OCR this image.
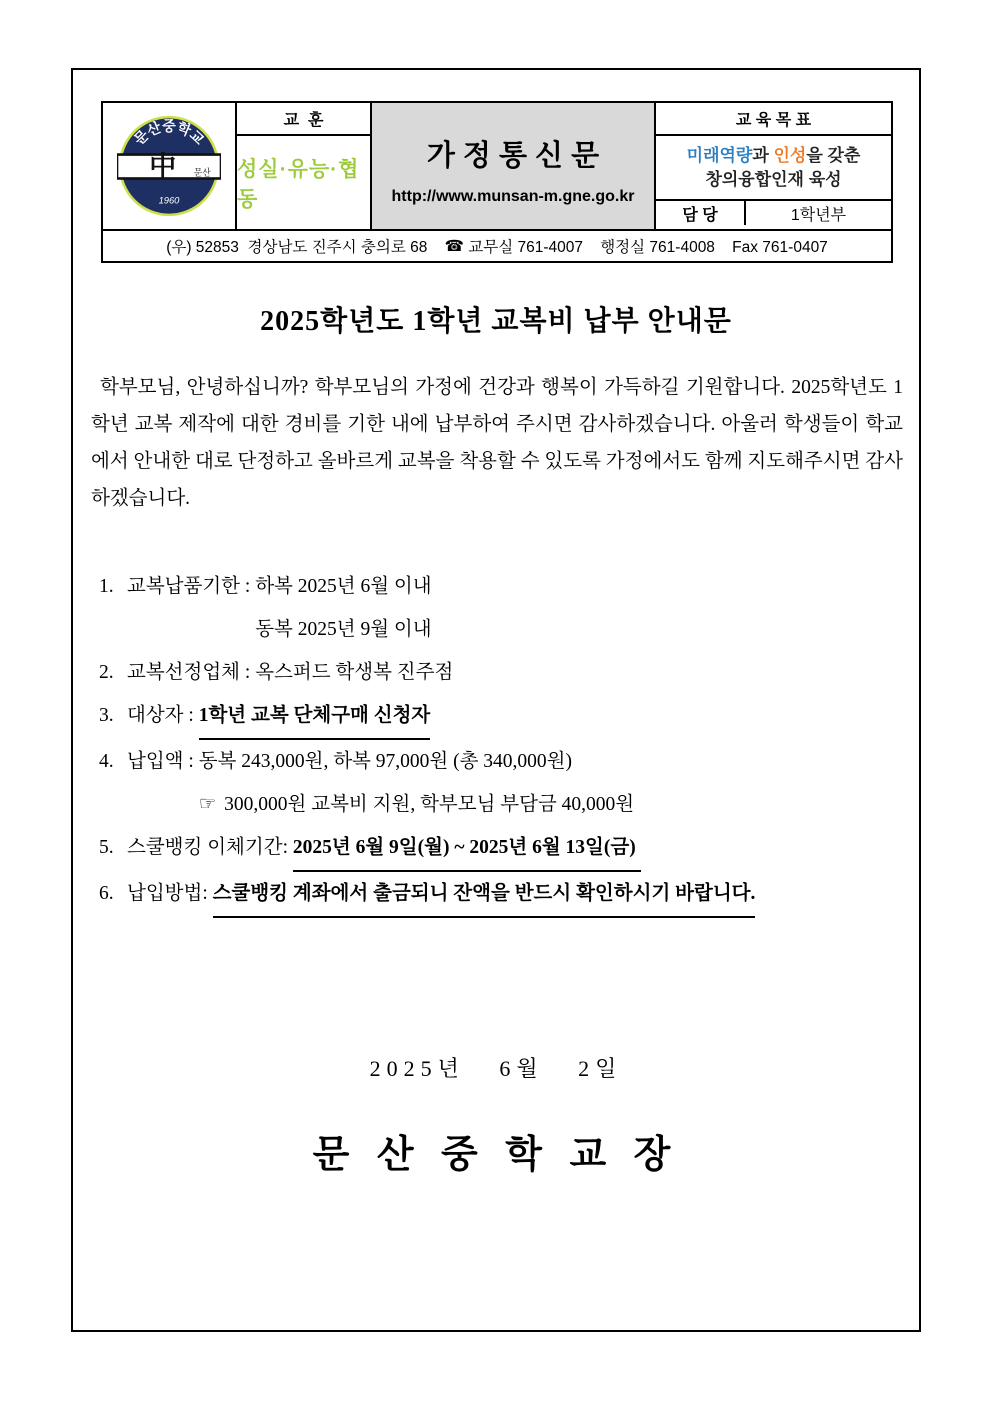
문산중학교
中 문산
1960
교  훈
성실·유능·협동
가 정 통 신 문
http://www.munsan-m.gne.go.kr
교 육 목 표
미래역량과 인성을 갖춘
창의융합인재 육성
담 당	1학년부
(우) 52853  경상남도 진주시 충의로 68 ☎ 교무실 761-4007    행정실 761-4008    Fax 761-0407
2025학년도 1학년 교복비 납부 안내문

학부모님, 안녕하십니까? 학부모님의 가정에 건강과 행복이 가득하길 기원합니다. 2025학년도 1학년 교복 제작에 대한 경비를 기한 내에 납부하여 주시면 감사하겠습니다. 아울러 학생들이 학교에서 안내한 대로 단정하고 올바르게 교복을 착용할 수 있도록 가정에서도 함께 지도해주시면 감사하겠습니다.

1. 교복납품기한 : 하복 2025년 6월 이내
동복 2025년 9월 이내
2. 교복선정업체 : 옥스퍼드 학생복 진주점
3. 대상자 : 1학년 교복 단체구매 신청자
4. 납입액 : 동복 243,000원, 하복 97,000원 (총 340,000원)
☞ 300,000원 교복비 지원, 학부모님 부담금 40,000원
5. 스쿨뱅킹 이체기간: 2025년 6월 9일(월) ~ 2025년 6월 13일(금)
6. 납입방법: 스쿨뱅킹 계좌에서 출금되니 잔액을 반드시 확인하시기 바랍니다.
2025년   6월   2일
문 산 중 학 교 장
